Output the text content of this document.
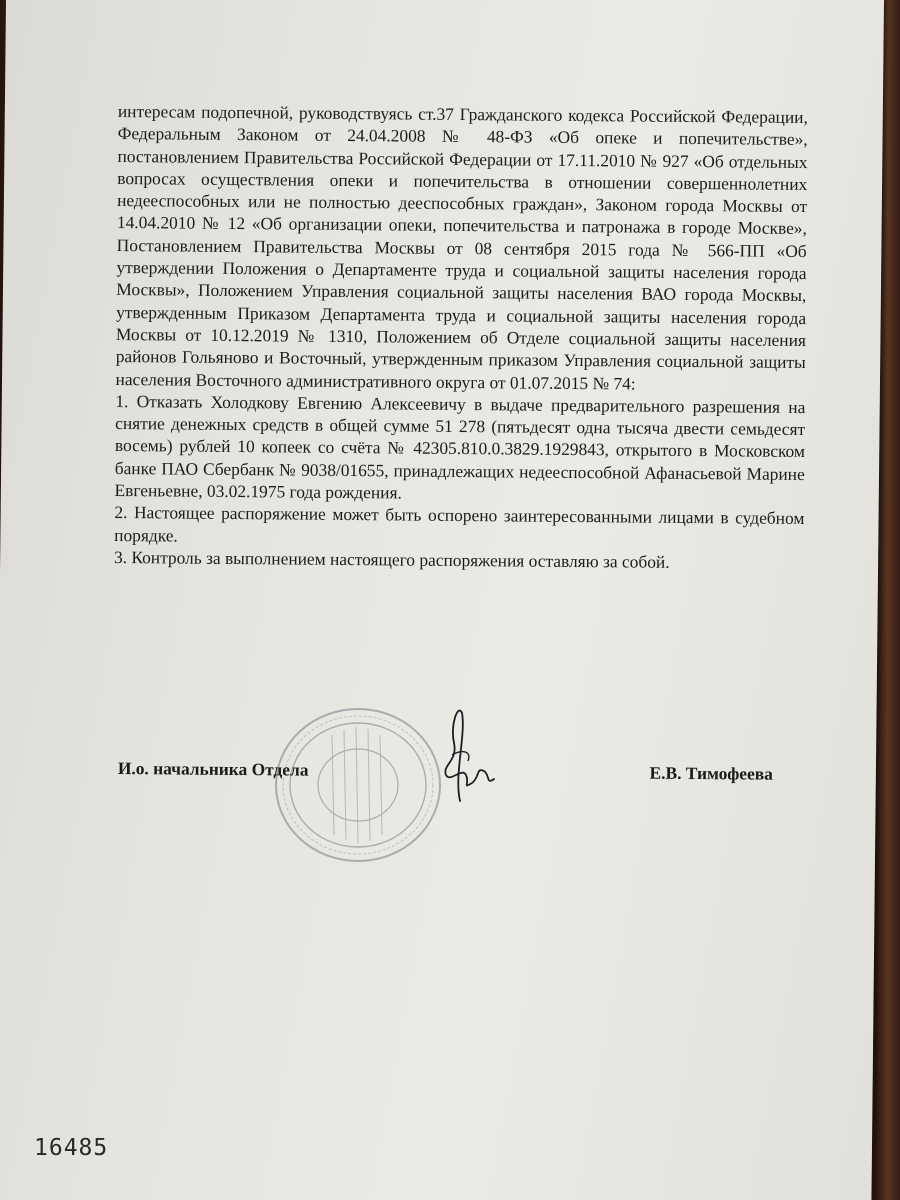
интересам подопечной, руководствуясь ст.37 Гражданского кодекса Российской Федерации, Федеральным Законом от 24.04.2008 № 48-ФЗ «Об опеке и попечительстве», постановлением Правительства Российской Федерации от 17.11.2010 № 927 «Об отдельных вопросах осуществления опеки и попечительства в отношении совершеннолетних недееспособных или не полностью дееспособных граждан», Законом города Москвы от 14.04.2010 № 12 «Об организации опеки, попечительства и патронажа в городе Москве», Постановлением Правительства Москвы от 08 сентября 2015 года № 566-ПП «Об утверждении Положения о Департаменте труда и социальной защиты населения города Москвы», Положением Управления социальной защиты населения ВАО города Москвы, утвержденным Приказом Департамента труда и социальной защиты населения города Москвы от 10.12.2019 № 1310, Положением об Отделе социальной защиты населения районов Гольяново и Восточный, утвержденным приказом Управления социальной защиты населения Восточного административного округа от 01.07.2015 № 74:

1. Отказать Холодкову Евгению Алексеевичу в выдаче предварительного разрешения на снятие денежных средств в общей сумме 51 278 (пятьдесят одна тысяча двести семьдесят восемь) рублей 10 копеек со счёта № 42305.810.0.3829.1929843, открытого в Московском банке ПАО Сбербанк № 9038/01655, принадлежащих недееспособной Афанасьевой Марине Евгеньевне, 03.02.1975 года рождения.

2. Настоящее распоряжение может быть оспорено заинтересованными лицами в судебном порядке.

3. Контроль за выполнением настоящего распоряжения оставляю за собой.

И.о. начальника Отдела	Е.В. Тимофеева
16485
